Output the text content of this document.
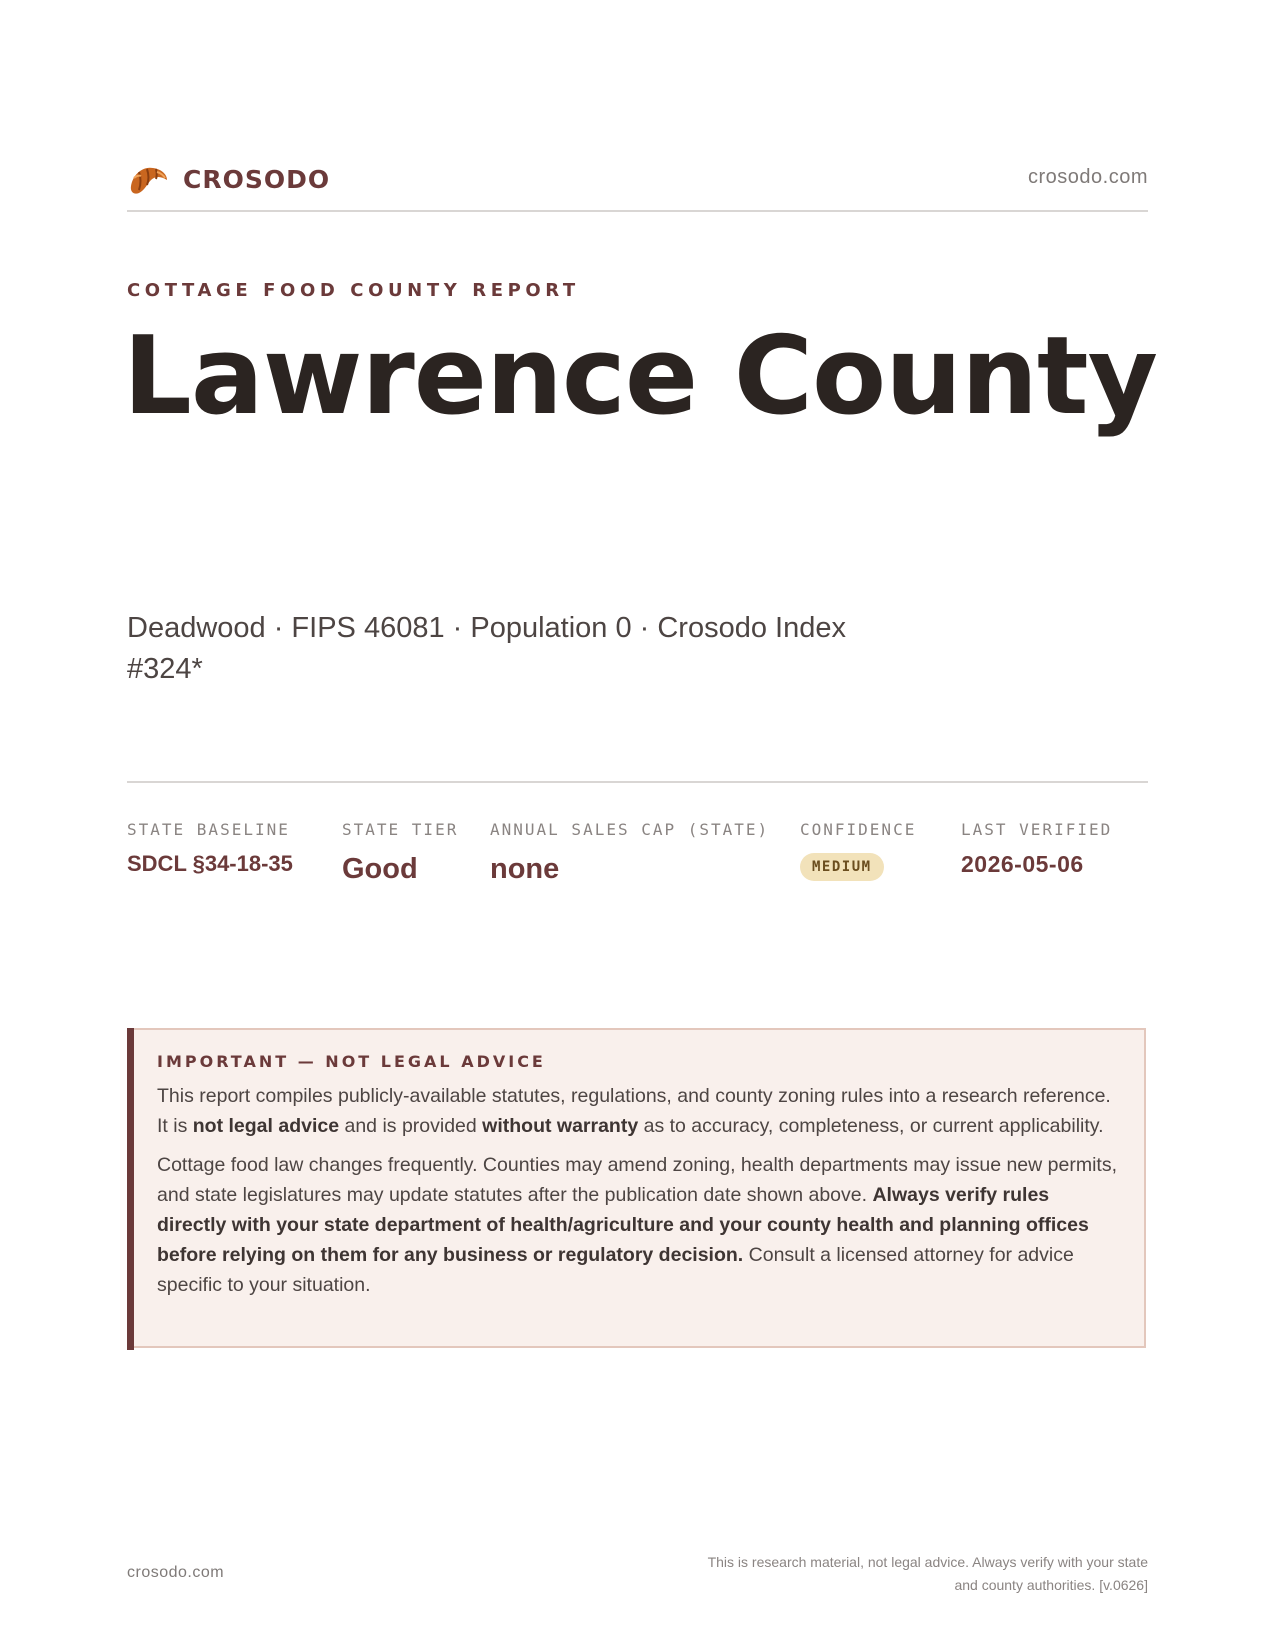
CROSODO	crosodo.com
COTTAGE FOOD COUNTY REPORT
Lawrence County
Deadwood · FIPS 46081 · Population 0 · Crosodo Index #324*
STATE BASELINE
SDCL §34-18-35
STATE TIER
Good
ANNUAL SALES CAP (STATE)
none
CONFIDENCE
MEDIUM
LAST VERIFIED
2026-05-06
IMPORTANT — NOT LEGAL ADVICE

This report compiles publicly-available statutes, regulations, and county zoning rules into a research reference. It is not legal advice and is provided without warranty as to accuracy, completeness, or current applicability.

Cottage food law changes frequently. Counties may amend zoning, health departments may issue new permits, and state legislatures may update statutes after the publication date shown above. Always verify rules directly with your state department of health/agriculture and your county health and planning offices before relying on them for any business or regulatory decision. Consult a licensed attorney for advice specific to your situation.

crosodo.com
This is research material, not legal advice. Always verify with your state
and county authorities. [v.0626]
